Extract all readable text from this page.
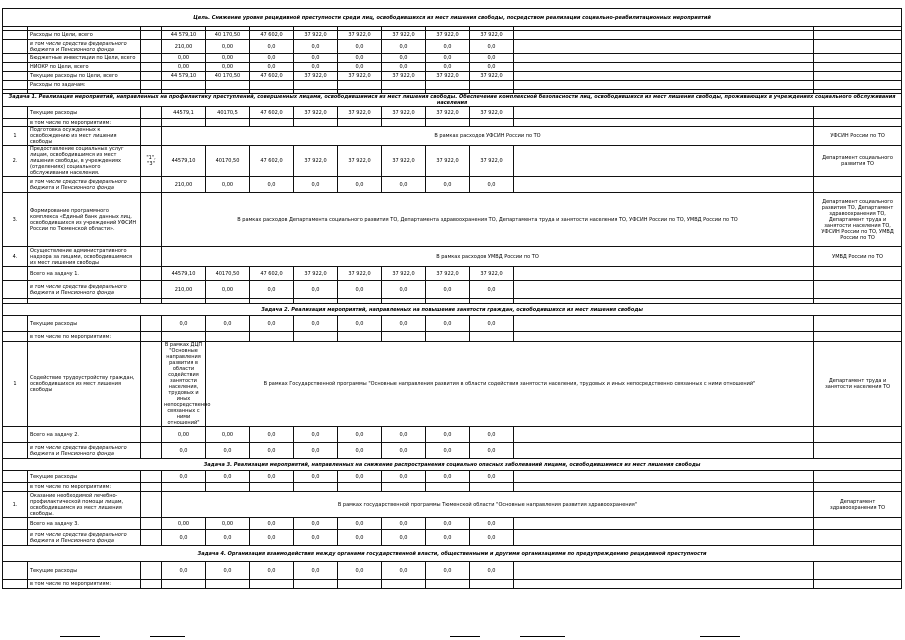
Цель. Снижение уровня рецидивной преступности среди лиц, освободившихся из мест лишения свободы, посредством реализации социально-реабилитационных мероприятий												

	Расходы по Цели, всего		44 579,10	40 170,50	47 602,0	37 922,0	37 922,0	37 922,0	37 922,0	37 922,0		
	в том числе средства федерального бюджета и Пенсионного фонда		210,00	0,00	0,0	0,0	0,0	0,0	0,0	0,0		
	Бюджетные инвестиции по Цели, всего		0,00	0,00	0,0	0,0	0,0	0,0	0,0	0,0		
	НИОКР по Цели, всего		0,00	0,00	0,0	0,0	0,0	0,0	0,0	0,0		
	Текущие расходы по Цели, всего		44 579,10	40 170,50	47 602,0	37 922,0	37 922,0	37 922,0	37 922,0	37 922,0		
	Расходы по задачам:											

Задача 1. Реализация мероприятий, направленных на профилактику преступлений, совершенных лицами, освободившимися из мест лишения свободы. Обеспечение комплексной безопасности лиц, освободившихся из мест лишения свободы, проживающих в учреждениях социального обслуживания населения												
	Текущие расходы		44579,1	40170,5	47 602,0	37 922,0	37 922,0	37 922,0	37 922,0	37 922,0		
	в том числе по мероприятиям:											
1	Подготовка осужденных к освобождению из мест лишения свободы		В рамках расходов УФСИН России по ТО									УФСИН России по ТО
2.	Предоставление социальных услуг лицам, освободившимся из мест лишения свободы, в учреждениях (отделениях) социального обслуживания населения.	"1", "3"	44579,10	40170,50	47 602,0	37 922,0	37 922,0	37 922,0	37 922,0	37 922,0		Департамент социального развития ТО
	в том числе средства федерального бюджета и Пенсионного фонда		210,00	0,00	0,0	0,0	0,0	0,0	0,0	0,0		
3.	Формирование программного комплекса «Единый банк данных лиц, освободившихся из учреждений УФСИН России по Тюменской области».		В рамках расходов Департамента социального развития ТО, Департамента здравоохранения ТО, Департамента труда и занятости населения ТО, УФСИН России по ТО, УМВД России по ТО									Департамент социального развития ТО, Департамент здравоохранения ТО, Департамент труда и занятости населения ТО, УФСИН России по ТО, УМВД России по ТО
4.	Осуществление административного надзора за лицами, освободившимися из мест лишения свободы		В рамках расходов УМВД России по ТО									УМВД России по ТО
	Всего на задачу 1.		44579,10	40170,50	47 602,0	37 922,0	37 922,0	37 922,0	37 922,0	37 922,0		
	в том числе средства федерального бюджета и Пенсионного фонда		210,00	0,00	0,0	0,0	0,0	0,0	0,0	0,0		

Задача 2. Реализация мероприятий, направленных на повышение занятости граждан, освободившихся из мест лишения свободы												
	Текущие расходы		0,0	0,0	0,0	0,0	0,0	0,0	0,0	0,0		
	в том числе по мероприятиям:											
1	Содействие трудоустройству граждан, освободившихся из мест лишения свободы		В рамках ДЦП "Основные направления развития в области содействия занятости населения, трудовых и иных непосредственно связанных с ними отношений"	В рамках Государственной программы "Основные направления развития в области содействия занятости населения, трудовых и иных непосредственно связанных с ними отношений"								Департамент труда и занятости населения ТО
	Всего на задачу 2.		0,00	0,00	0,0	0,0	0,0	0,0	0,0	0,0		
	в том числе средства федерального бюджета и Пенсионного фонда		0,0	0,0	0,0	0,0	0,0	0,0	0,0	0,0		
Задача 3. Реализация мероприятий, направленных на снижение распространения социально опасных заболеваний лицами, освободившимися из мест лишения свободы												
	Текущие расходы		0,0	0,0	0,0	0,0	0,0	0,0	0,0	0,0		
	в том числе по мероприятиям:											
1.	Оказание необходимой лечебно-профилактической помощи лицам, освободившимся из мест лишения свободы.		В рамках государственной программы Тюменской области "Основные направления развития здравоохранения"									Департамент здравоохранения ТО
	Всего на задачу 3.		0,00	0,00	0,0	0,0	0,0	0,0	0,0	0,0		
	в том числе средства федерального бюджета и Пенсионного фонда		0,0	0,0	0,0	0,0	0,0	0,0	0,0	0,0		
Задача 4. Организация взаимодействия между органами государственной власти, общественными и другими организациями по предупреждению рецидивной преступности												
	Текущие расходы		0,0	0,0	0,0	0,0	0,0	0,0	0,0	0,0		
	в том числе по мероприятиям:											
